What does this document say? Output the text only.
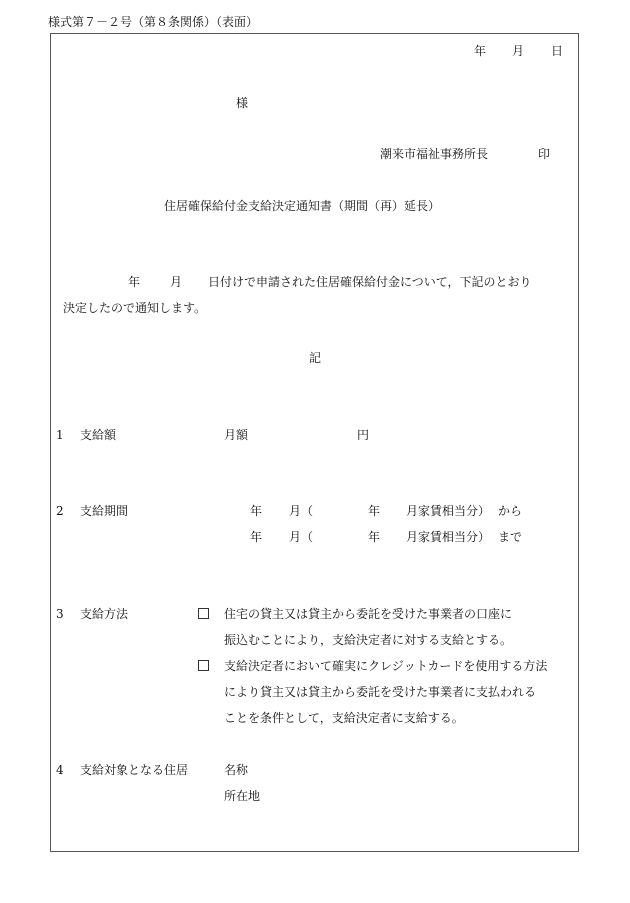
様式第７－２号（第８条関係）（表面）
年 月 日
様
潮来市福祉事務所長	印
住居確保給付金支給決定通知書（期間（再）延長）
年 月 日付けで申請された住居確保給付金について，下記のとおり
決定したので通知します。
記
1 支給額	月額	円
2 支給期間	年 月（	年 月家賃相当分） から
年 月（	年 月家賃相当分） まで
3 支給方法	住宅の貸主又は貸主から委託を受けた事業者の口座に
振込むことにより，支給決定者に対する支給とする。
支給決定者において確実にクレジットカードを使用する方法
により貸主又は貸主から委託を受けた事業者に支払われる
ことを条件として，支給決定者に支給する。
4 支給対象となる住居	名称
所在地
